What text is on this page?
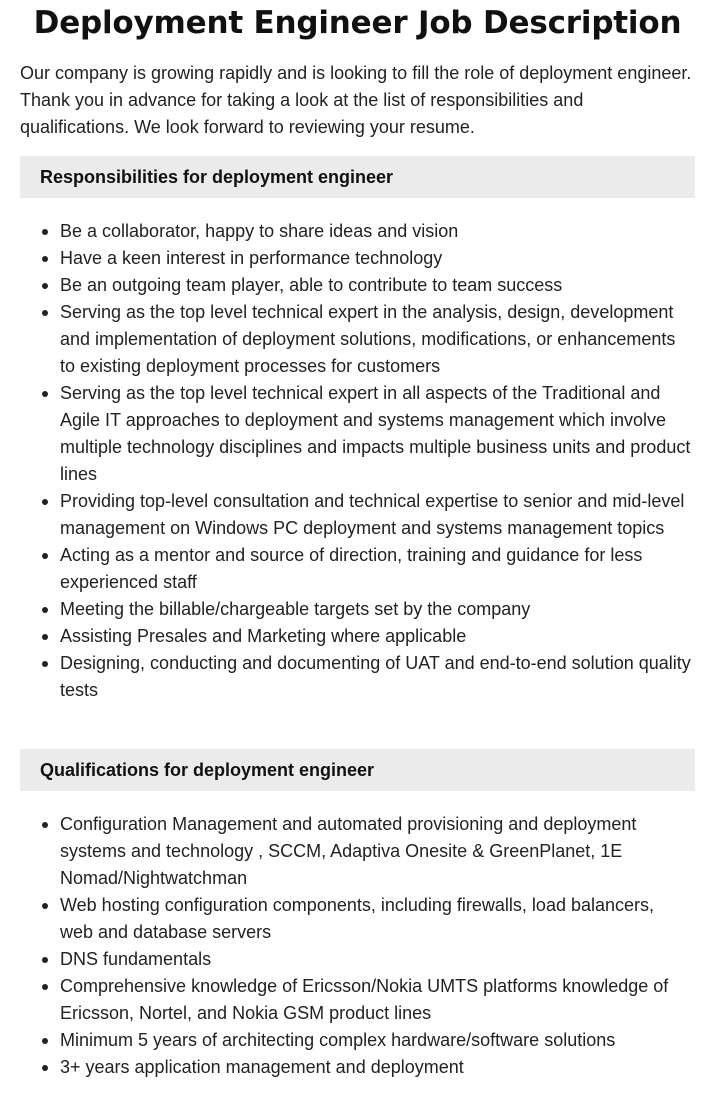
Deployment Engineer Job Description

Our company is growing rapidly and is looking to fill the role of deployment engineer. Thank you in advance for taking a look at the list of responsibilities and qualifications. We look forward to reviewing your resume.

Responsibilities for deployment engineer
Be a collaborator, happy to share ideas and vision
Have a keen interest in performance technology
Be an outgoing team player, able to contribute to team success
Serving as the top level technical expert in the analysis, design, development and implementation of deployment solutions, modifications, or enhancements to existing deployment processes for customers
Serving as the top level technical expert in all aspects of the Traditional and Agile IT approaches to deployment and systems management which involve multiple technology disciplines and impacts multiple business units and product lines
Providing top-level consultation and technical expertise to senior and mid-level management on Windows PC deployment and systems management topics
Acting as a mentor and source of direction, training and guidance for less experienced staff
Meeting the billable/chargeable targets set by the company
Assisting Presales and Marketing where applicable
Designing, conducting and documenting of UAT and end-to-end solution quality tests
Qualifications for deployment engineer
Configuration Management and automated provisioning and deployment systems and technology , SCCM, Adaptiva Onesite & GreenPlanet, 1E Nomad/Nightwatchman
Web hosting configuration components, including firewalls, load balancers, web and database servers
DNS fundamentals
Comprehensive knowledge of Ericsson/Nokia UMTS platforms knowledge of Ericsson, Nortel, and Nokia GSM product lines
Minimum 5 years of architecting complex hardware/software solutions
3+ years application management and deployment
